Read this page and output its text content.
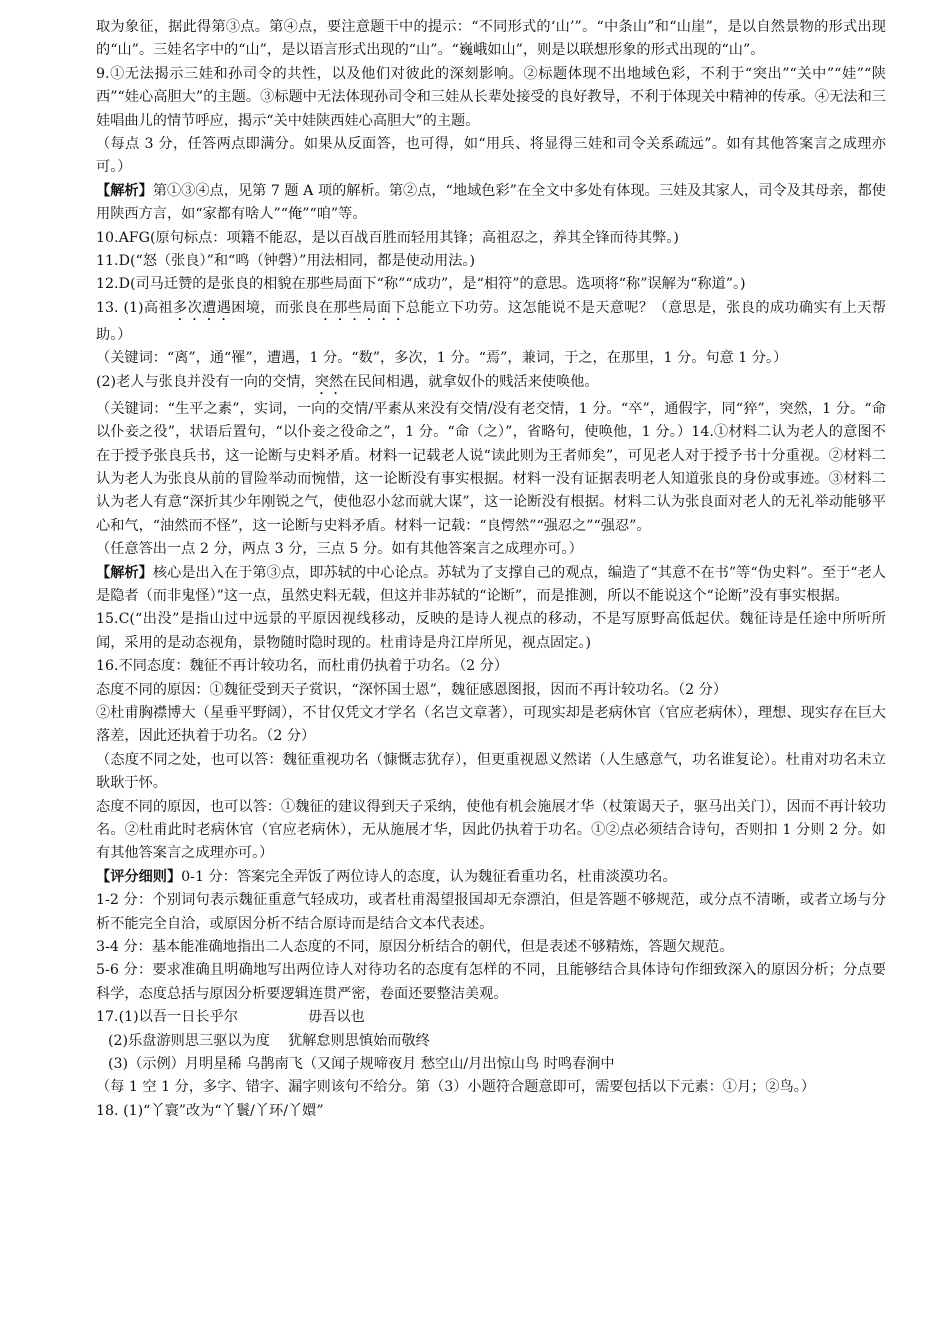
取为象征，据此得第③点。第④点，要注意题干中的提示：“不同形式的‘山’”。“中条山”和“山崖”，是以自然景物的形式出现的“山”。三娃名字中的“山”，是以语言形式出现的“山”。“巍峨如山”，则是以联想形象的形式出现的“山”。

9.①无法揭示三娃和孙司令的共性，以及他们对彼此的深刻影响。②标题体现不出地域色彩，不利于“突出”“关中”“娃”“陕西”“娃心高胆大”的主题。③标题中无法体现孙司令和三娃从长辈处接受的良好教导，不利于体现关中精神的传承。④无法和三娃唱曲儿的情节呼应，揭示“关中娃陕西娃心高胆大”的主题。

（每点 3 分，任答两点即满分。如果从反面答，也可得，如“用兵、将显得三娃和司令关系疏远”。如有其他答案言之成理亦可。）

【解析】第①③④点，见第 7 题 A 项的解析。第②点，“地域色彩”在全文中多处有体现。三娃及其家人，司令及其母亲，都使用陕西方言，如“家都有啥人”“俺”“咱”等。

10.AFG(原句标点：项籍不能忍，是以百战百胜而轻用其锋；高祖忍之，养其全锋而待其弊。)

11.D(“怒（张良）”和“鸣（钟磬）”用法相同，都是使动用法。)

12.D(司马迁赞的是张良的相貌在那些局面下“称”“成功”，是“相符”的意思。选项将“称”误解为“称道”。)

13. (1)高祖多次遭遇困境，而张良在那些局面下总能立下功劳。这怎能说不是天意呢？（意思是，张良的成功确实有上天帮助。）

（关键词：“离”，通“罹”，遭遇，1 分。“数”，多次，1 分。“焉”，兼词，于之，在那里，1 分。句意 1 分。）

(2)老人与张良并没有一向的交情，突然在民间相遇，就拿奴仆的贱活来使唤他。

（关键词：“生平之素”，实词，一向的交情/平素从来没有交情/没有老交情，1 分。“卒”，通假字，同“猝”，突然，1 分。“命以仆妾之役”，状语后置句，“以仆妾之役命之”，1 分。“命（之）”，省略句，使唤他，1 分。）14.①材料二认为老人的意图不在于授予张良兵书，这一论断与史料矛盾。材料一记载老人说“读此则为王者师矣”，可见老人对于授予书十分重视。②材料二认为老人为张良从前的冒险举动而惋惜，这一论断没有事实根据。材料一没有证据表明老人知道张良的身份或事迹。③材料二认为老人有意“深折其少年刚锐之气，使他忍小忿而就大谋”，这一论断没有根据。材料二认为张良面对老人的无礼举动能够平心和气，“油然而不怪”，这一论断与史料矛盾。材料一记载：“良愕然”“强忍之”“强忍”。

（任意答出一点 2 分，两点 3 分，三点 5 分。如有其他答案言之成理亦可。）

【解析】核心是出入在于第③点，即苏轼的中心论点。苏轼为了支撑自己的观点，编造了“其意不在书”等“伪史料”。至于“老人是隐者（而非鬼怪）”这一点，虽然史料无载，但这并非苏轼的“论断”，而是推测，所以不能说这个“论断”没有事实根据。

15.C(“出没”是指山过中远景的平原因视线移动，反映的是诗人视点的移动，不是写原野高低起伏。魏征诗是任途中所听所闻，采用的是动态视角，景物随时隐时现的。杜甫诗是舟江岸所见，视点固定。)

16.不同态度：魏征不再计较功名，而杜甫仍执着于功名。（2 分）

态度不同的原因：①魏征受到天子赏识，“深怀国士恩”，魏征感恩图报，因而不再计较功名。（2 分）

②杜甫胸襟博大（星垂平野阔），不甘仅凭文才学名（名岂文章著），可现实却是老病休官（官应老病休），理想、现实存在巨大落差，因此还执着于功名。（2 分）

（态度不同之处，也可以答：魏征重视功名（慷慨志犹存），但更重视恩义然诺（人生感意气，功名谁复论）。杜甫对功名未立耿耿于怀。

态度不同的原因，也可以答：①魏征的建议得到天子采纳，使他有机会施展才华（杖策谒天子，驱马出关门），因而不再计较功名。②杜甫此时老病休官（官应老病休），无从施展才华，因此仍执着于功名。①②点必须结合诗句，否则扣 1 分则 2 分。如有其他答案言之成理亦可。）

【评分细则】0-1 分：答案完全弄饭了两位诗人的态度，认为魏征看重功名，杜甫淡漠功名。

1-2 分：个别词句表示魏征重意气轻成功，或者杜甫渴望报国却无奈漂泊，但是答题不够规范，或分点不清晰，或者立场与分析不能完全自洽，或原因分析不结合原诗而是结合文本代表述。

3-4 分：基本能准确地指出二人态度的不同，原因分析结合的朝代，但是表述不够精炼，答题欠规范。

5-6 分：要求准确且明确地写出两位诗人对待功名的态度有怎样的不同，且能够结合具体诗句作细致深入的原因分析；分点要科学，态度总括与原因分析要逻辑连贯严密，卷面还要整洁美观。

17.(1)以吾一日长乎尔	毋吾以也

(2)乐盘游则思三驱以为度 犹解怠则思慎始而敬终

(3)（示例）月明星稀 乌鹊南飞（又闻子规啼夜月 愁空山/月出惊山鸟 时鸣春涧中

（每 1 空 1 分，多字、错字、漏字则该句不给分。第（3）小题符合题意即可，需要包括以下元素：①月；②鸟。）

18. (1)“丫寰”改为“丫鬟/丫环/丫嬛”
